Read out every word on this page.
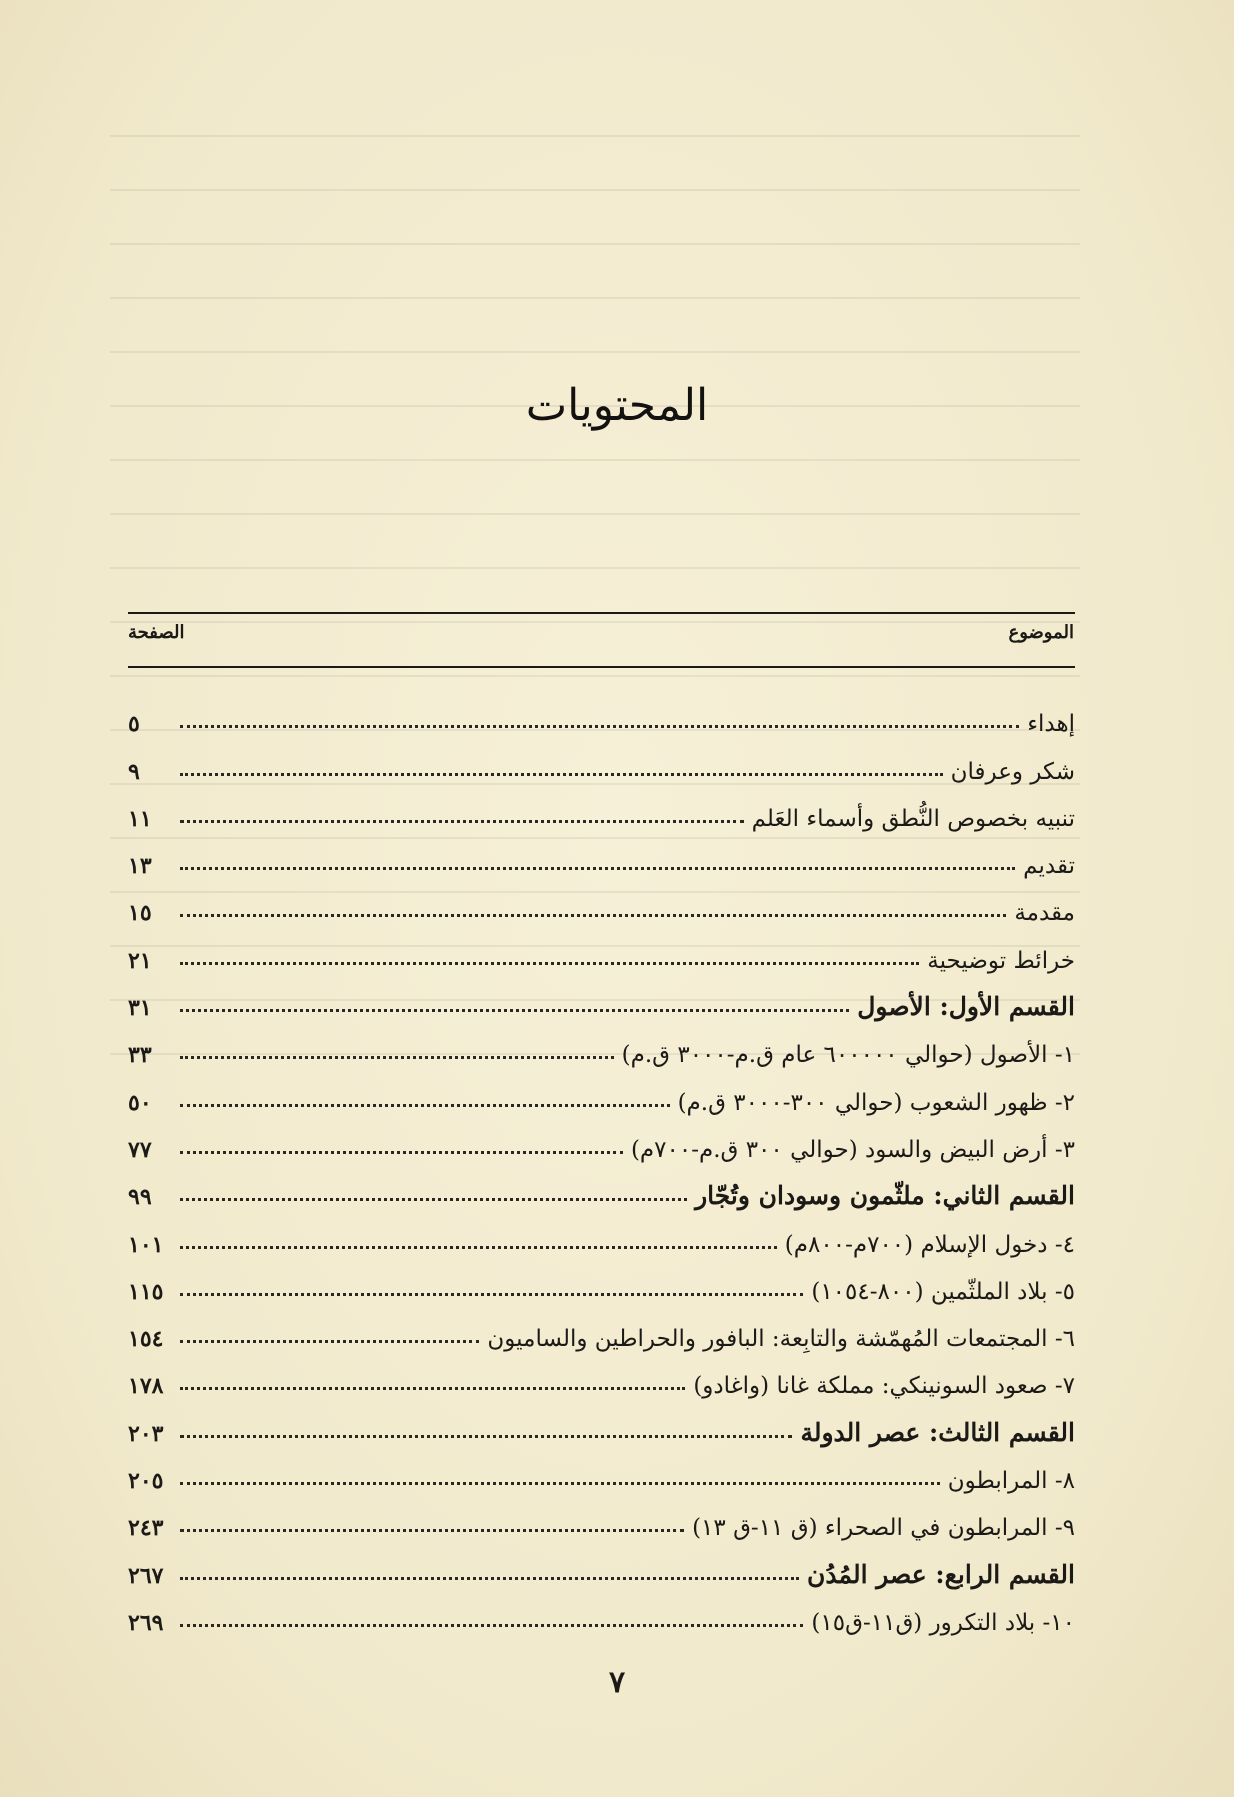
المحتويات
الموضوع
الصفحة
إهداء
٥
شكر وعرفان
٩
تنبيه بخصوص النُّطق وأسماء العَلم
١١
تقديم
١٣
مقدمة
١٥
خرائط توضيحية
٢١
القسم الأول: الأصول
٣١
١- الأصول (حوالي ٦٠٠٠٠٠ عام ق.م-٣٠٠٠ ق.م)
٣٣
٢- ظهور الشعوب (حوالي ٣٠٠-٣٠٠٠ ق.م)
٥٠
٣- أرض البيض والسود (حوالي ٣٠٠ ق.م-٧٠٠م)
٧٧
القسم الثاني: ملثّمون وسودان وتُجّار
٩٩
٤- دخول الإسلام (٧٠٠م-٨٠٠م)
١٠١
٥- بلاد الملثّمين (٨٠٠-١٠٥٤)
١١٥
٦- المجتمعات المُهمّشة والتابِعة: البافور والحراطين والساميون
١٥٤
٧- صعود السونينكي: مملكة غانا (واغادو)
١٧٨
القسم الثالث: عصر الدولة
٢٠٣
٨- المرابطون
٢٠٥
٩- المرابطون في الصحراء (ق ١١-ق ١٣)
٢٤٣
القسم الرابع: عصر المُدُن
٢٦٧
١٠- بلاد التكرور (ق١١-ق١٥)
٢٦٩
٧
